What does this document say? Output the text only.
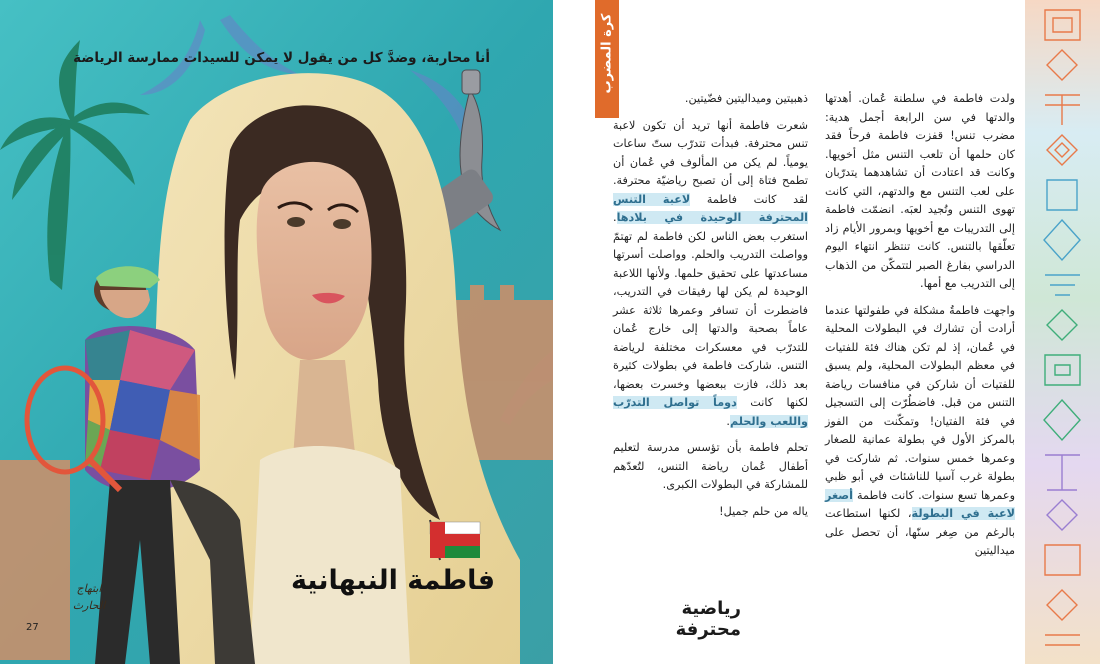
أنا محاربة، وضدَّ كل من يقول لا يمكن للسيدات ممارسة الرياضة
فاطمة النبهانية
ابتهاج
الحارث
27
كرة المضرب

ولدت فاطمة في سلطنة عُمان. أهدتها والدتها في سن الرابعة أجمل هدية: مضرب تنس! قفزت فاطمة فرحاً فقد كان حلمها أن تلعب التنس مثل أخويها. وكانت قد اعتادت أن تشاهدهما يتدرّبان على لعب التنس مع والدتهم، التي كانت تهوى التنس وتُجيد لعبَه. انضمّت فاطمة إلى التدريبات مع أخويها وبمرور الأيام زاد تعلّقها بالتنس. كانت تنتظر انتهاء اليوم الدراسي بفارغ الصبر لتتمكّن من الذهاب إلى التدريب مع أمها.

واجهت فاطمةُ مشكلة في طفولتها عندما أرادت أن تشارك في البطولات المحلية في عُمان، إذ لم تكن هناك فئة للفتيات في معظم البطولات المحلية، ولم يسبق للفتيات أن شاركن في منافسات رياضة التنس من قبل. فاضطُرّت إلى التسجيل في فئة الفتيان! وتمكّنت من الفوز بالمركز الأول في بطولة عمانية للصغار وعمرها خمس سنوات. ثم شاركت في بطولة غرب آسيا للناشئات في أبو ظبي وعمرها تسع سنوات. كانت فاطمة أصغر لاعبة في البطولة، لكنها استطاعت بالرغم من صِغر سنّها، أن تحصل على ميداليتين

ذهبيتين وميداليتين فضّيتين.

شعرت فاطمة أنها تريد أن تكون لاعبة تنس محترفة. فبدأت تتدرّب ستّ ساعات يومياً. لم يكن من المألوف في عُمان أن تطمح فتاة إلى أن تصبح رياضيّة محترفة. لقد كانت فاطمة لاعبة التنس المحترفة الوحيدة في بلادها. استغرب بعض الناس لكن فاطمة لم تهتمّ وواصلت التدريب والحلم. وواصلت أسرتها مساعدتها على تحقيق حلمها. ولأنها اللاعبة الوحيدة لم يكن لها رفيقات في التدريب، فاضطرت أن تسافر وعمرها ثلاثة عشر عاماً بصحبة والدتها إلى خارج عُمان للتدرّب في معسكرات مختلفة لرياضة التنس. شاركت فاطمة في بطولات كثيرة بعد ذلك، فازت ببعضها وخسرت بعضها، لكنها كانت دوماً تواصل التدرّب واللعب والحلم.

تحلم فاطمة بأن تؤسس مدرسة لتعليم أطفال عُمان رياضة التنس، لتُعدّهم للمشاركة في البطولات الكبرى.

ياله من حلم جميل!

رياضية محترفة
